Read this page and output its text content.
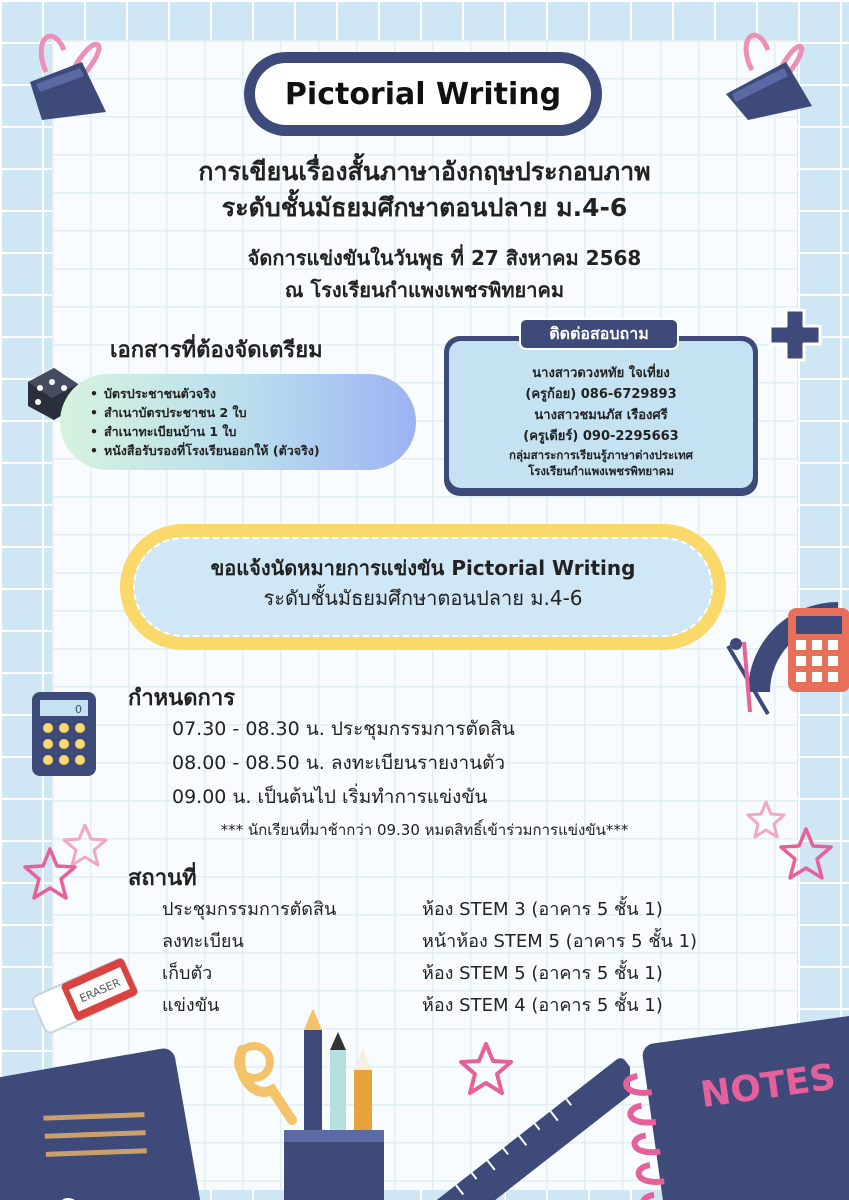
Pictorial Writing
การเขียนเรื่องสั้นภาษาอังกฤษประกอบภาพ
ระดับชั้นมัธยมศึกษาตอนปลาย ม.4-6
จัดการแข่งขันในวันพุธ ที่ 27 สิงหาคม 2568
ณ โรงเรียนกำแพงเพชรพิทยาคม
เอกสารที่ต้องจัดเตรียม
• บัตรประชาชนตัวจริง
• สำเนาบัตรประชาชน 2 ใบ
• สำเนาทะเบียนบ้าน 1 ใบ
• หนังสือรับรองที่โรงเรียนออกให้ (ตัวจริง)
นางสาวดวงหทัย ใจเที่ยง
(ครูก้อย) 086-6729893
นางสาวชมนภัส เรืองศรี
(ครูเดียร์) 090-2295663
กลุ่มสาระการเรียนรู้ภาษาต่างประเทศ
โรงเรียนกำแพงเพชรพิทยาคม
ติดต่อสอบถาม
ขอแจ้งนัดหมายการแข่งขัน Pictorial Writing
ระดับชั้นมัธยมศึกษาตอนปลาย ม.4-6
0 กำหนดการ
07.30 - 08.30 น. ประชุมกรรมการตัดสิน
08.00 - 08.50 น. ลงทะเบียนรายงานตัว
09.00 น. เป็นต้นไป เริ่มทำการแข่งขัน
*** นักเรียนที่มาช้ากว่า 09.30 หมดสิทธิ์เข้าร่วมการแข่งขัน***
สถานที่
ประชุมกรรมการตัดสิน	ห้อง STEM 3 (อาคาร 5 ชั้น 1)
ลงทะเบียน	หน้าห้อง STEM 5 (อาคาร 5 ชั้น 1)
เก็บตัว	ห้อง STEM 5 (อาคาร 5 ชั้น 1)
แข่งขัน	ห้อง STEM 4 (อาคาร 5 ชั้น 1)
ERASER
NOTES
